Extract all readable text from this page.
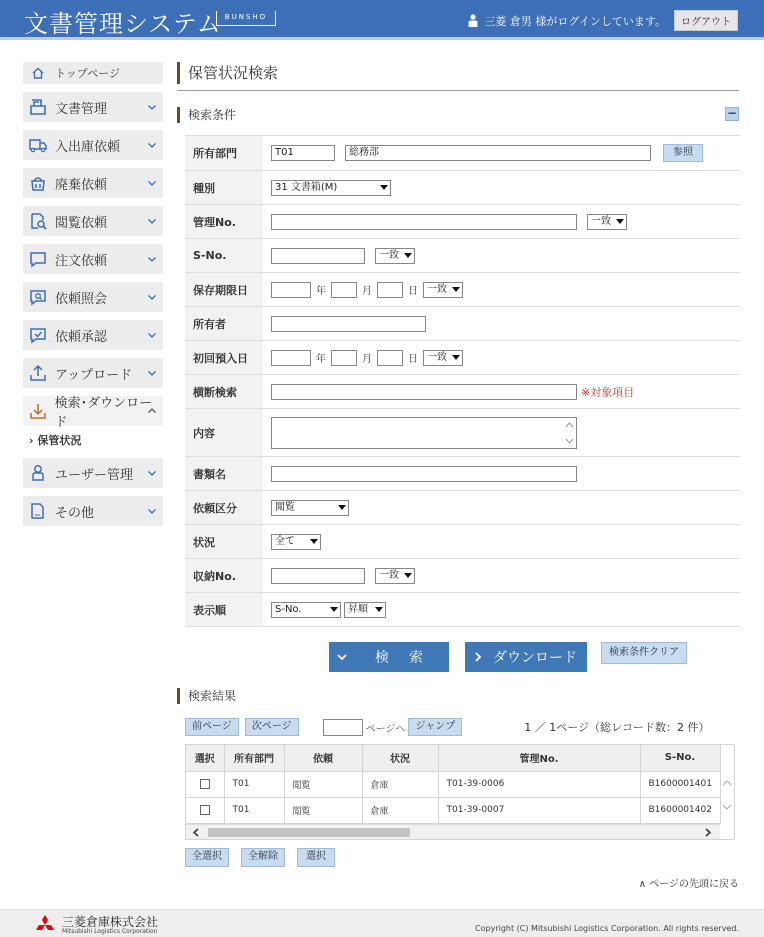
文書管理システム BUNSHO	三菱 倉男 様がログインしています。	ログアウト
トップページ
文書管理
入出庫依頼
廃棄依頼
閲覧依頼
注文依頼
依頼照会
依頼承認
アップロード
検索･ダウンロード
› 保管状況
ユーザー管理
その他
保管状況検索
検索条件	−
所有部門	T01	総務部	参照
種別	31 文書箱(M)
管理No.	一致
S-No.	一致
保存期限日	年	月	日 一致
所有者
初回預入日	年	月	日 一致
横断検索	※対象項目
内容
書類名
依頼区分	閲覧
状況	全て
収納No.	一致
表示順	S-No.	昇順
検　索	ダウンロード	検索条件クリア
検索結果
前ページ	次ページ	ページへ	ジャンプ	1 ／ 1ページ（総レコード数：2 件）
選択	所有部門	依頼	状況	管理No.	S-No.
	T01	閲覧	倉庫	T01-39-0006	B1600001401
	T01	閲覧	倉庫	T01-39-0007	B1600001402
全選択	全解除	選択
∧ ページの先頭に戻る
三菱倉庫株式会社
Mitsubishi Logistics Corporation	Copyright (C) Mitsubishi Logistics Corporation. All rights reserved.
